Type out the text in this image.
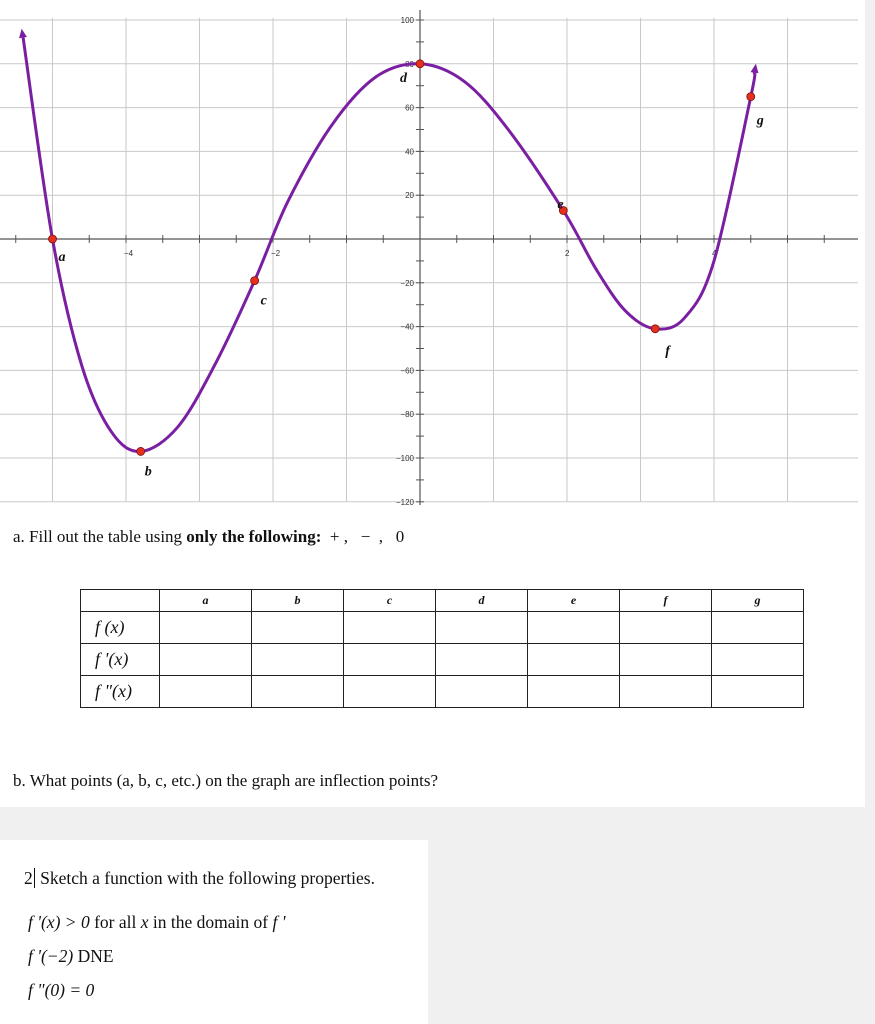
−4	−2	2	4
100
80
60
40
20
−20
−40
−60
−80
−100
−120
a
b
c
d
e
f
g
a. Fill out the table using only the following:  + ,   −  ,   0
	a	b	c	d	e	f	g
f (x)							
f '(x)							
f "(x)							
b. What points (a, b, c, etc.) on the graph are inflection points?
2 Sketch a function with the following properties.
f '(x) > 0 for all x in the domain of f '
f '(−2) DNE
f "(0) = 0
